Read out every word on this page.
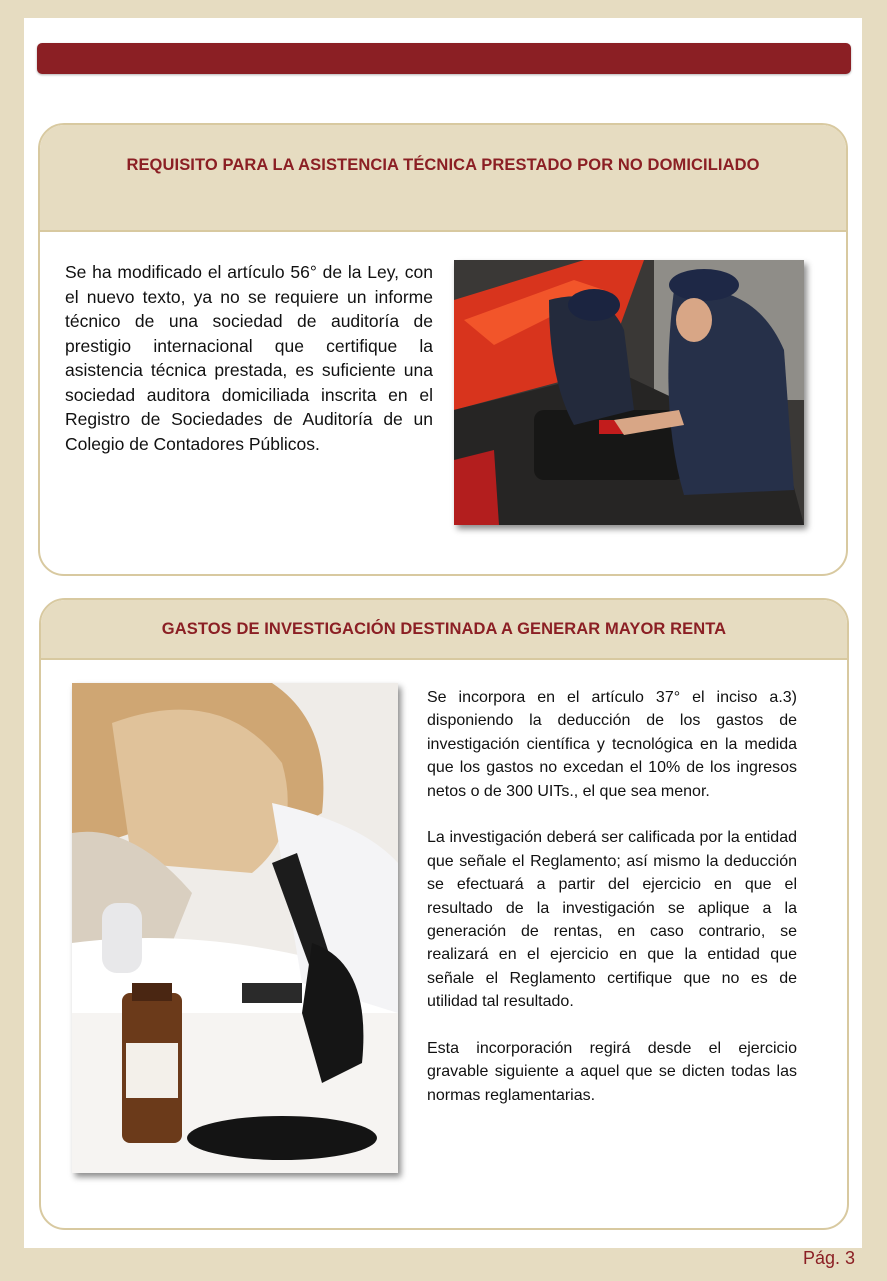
REQUISITO PARA LA ASISTENCIA TÉCNICA PRESTADO POR NO DOMICILIADO
Se ha modificado el artículo 56° de la Ley, con el nuevo texto, ya no se requiere un informe técnico de una sociedad de auditoría de prestigio internacional que certifique la asistencia técnica prestada, es suficiente una sociedad auditora domiciliada inscrita en el Registro de Sociedades de Auditoría de un Colegio de Contadores Públicos.
GASTOS DE INVESTIGACIÓN DESTINADA A GENERAR MAYOR RENTA

Se incorpora en el artículo 37° el inciso a.3) disponiendo la deducción de los gastos de investigación científica y tecnológica en la medida que los gastos no excedan el 10% de los ingresos netos o de 300 UITs., el que sea menor.

La investigación deberá ser calificada por la entidad que señale el Reglamento; así mismo la deducción se efectuará a partir del ejercicio en que el resultado de la investigación se aplique a la generación de rentas, en caso contrario, se realizará en el ejercicio en que la entidad que señale el Reglamento certifique que no es de utilidad tal resultado.

Esta incorporación regirá desde el ejercicio gravable siguiente a aquel que se dicten todas las normas reglamentarias.

Pág. 3
